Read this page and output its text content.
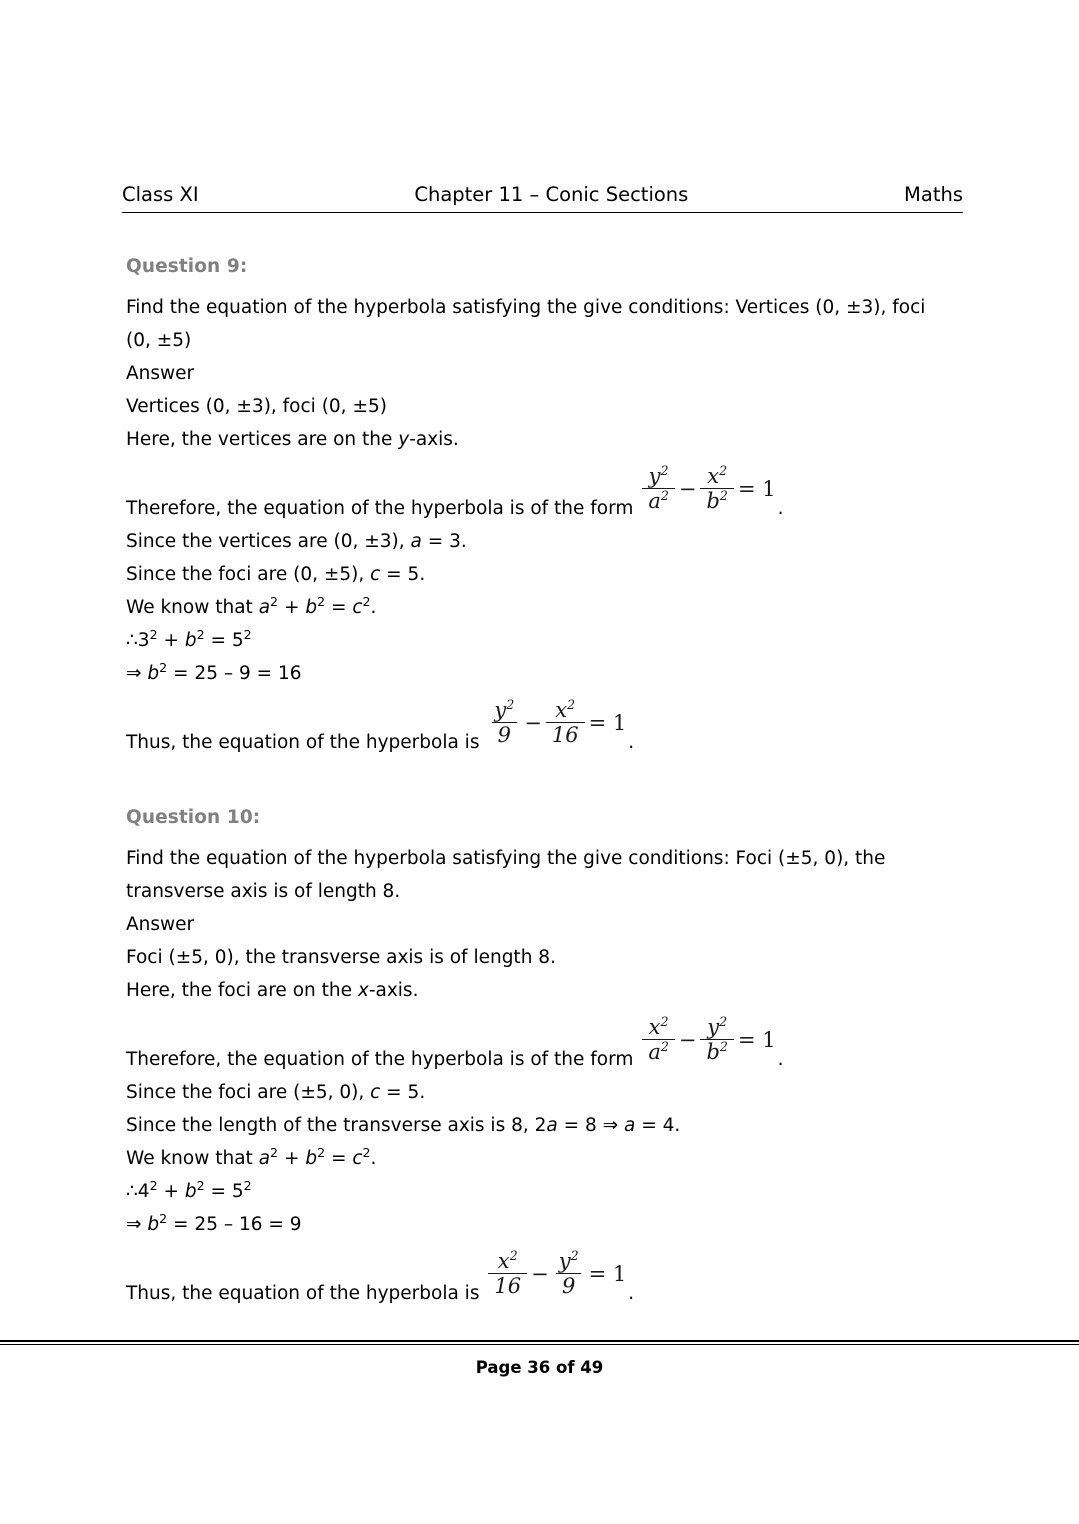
Class XI	Chapter 11 – Conic Sections	Maths

Question 9:

Find the equation of the hyperbola satisfying the give conditions: Vertices (0, ±3), foci

(0, ±5)

Answer

Vertices (0, ±3), foci (0, ±5)

Here, the vertices are on the y-axis.

Therefore, the equation of the hyperbola is of the form $\frac{y^2}{a^2} - \frac{x^2}{b^2} = 1$
.

Since the vertices are (0, ±3), a = 3.

Since the foci are (0, ±5), c = 5.

We know that $a^2 + b^2 = c^2$.

$\therefore 3^2 + b^2 = 5^2$

⇒ $b^2 = 25 - 9 = 16$

Thus, the equation of the hyperbola is $\frac{y^2}{9} - \frac{x^2}{16} = 1$
.

Question 10:

Find the equation of the hyperbola satisfying the give conditions: Foci (±5, 0), the

transverse axis is of length 8.

Answer

Foci (±5, 0), the transverse axis is of length 8.

Here, the foci are on the x-axis.

Therefore, the equation of the hyperbola is of the form $\frac{x^2}{a^2} - \frac{y^2}{b^2} = 1$
.

Since the foci are (±5, 0), c = 5.

Since the length of the transverse axis is 8, 2a = 8 ⇒ a = 4.

We know that $a^2 + b^2 = c^2$.

$\therefore 4^2 + b^2 = 5^2$

⇒ $b^2 = 25 - 16 = 9$

Thus, the equation of the hyperbola is $\frac{x^2}{16} - \frac{y^2}{9} = 1$
.
Page 36 of 49
